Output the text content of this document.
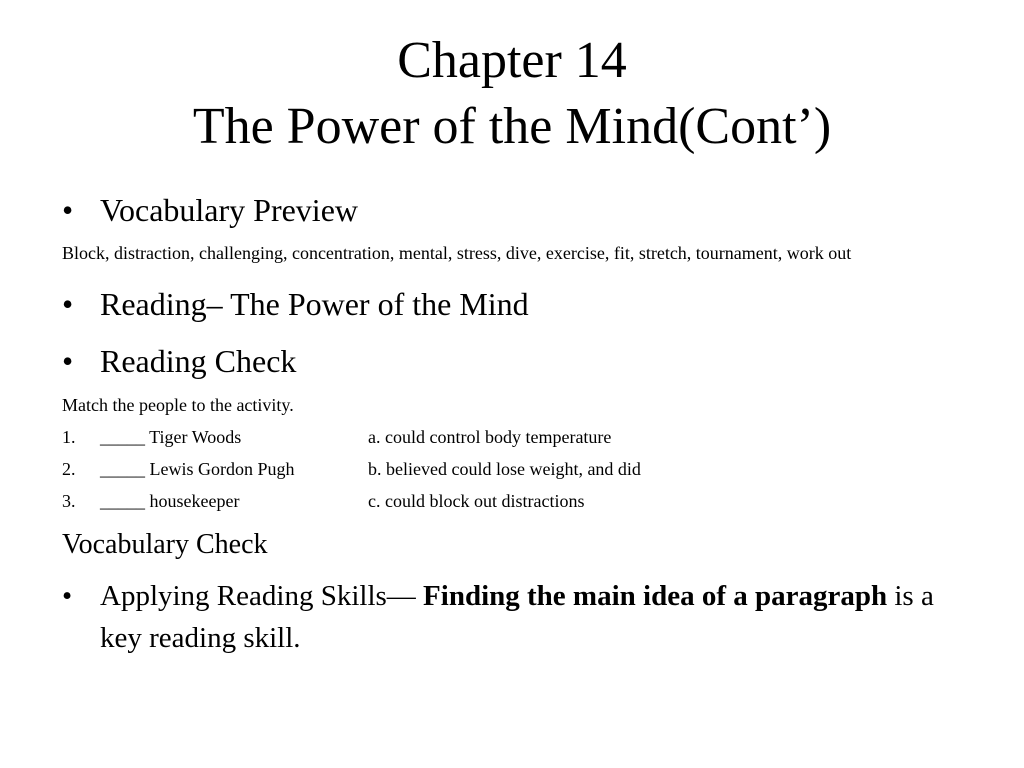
Chapter 14
The Power of the Mind(Cont’)
• Vocabulary Preview
Block, distraction, challenging, concentration, mental, stress, dive, exercise, fit, stretch, tournament, work out
• Reading– The Power of the Mind
• Reading Check
Match the people to the activity.
1. _____ Tiger Woods	a. could control body temperature
2. _____ Lewis Gordon Pugh	b. believed could lose weight, and did
3. _____ housekeeper	c. could block out distractions
Vocabulary Check
• Applying Reading Skills— Finding the main idea of a paragraph is a key reading skill.
